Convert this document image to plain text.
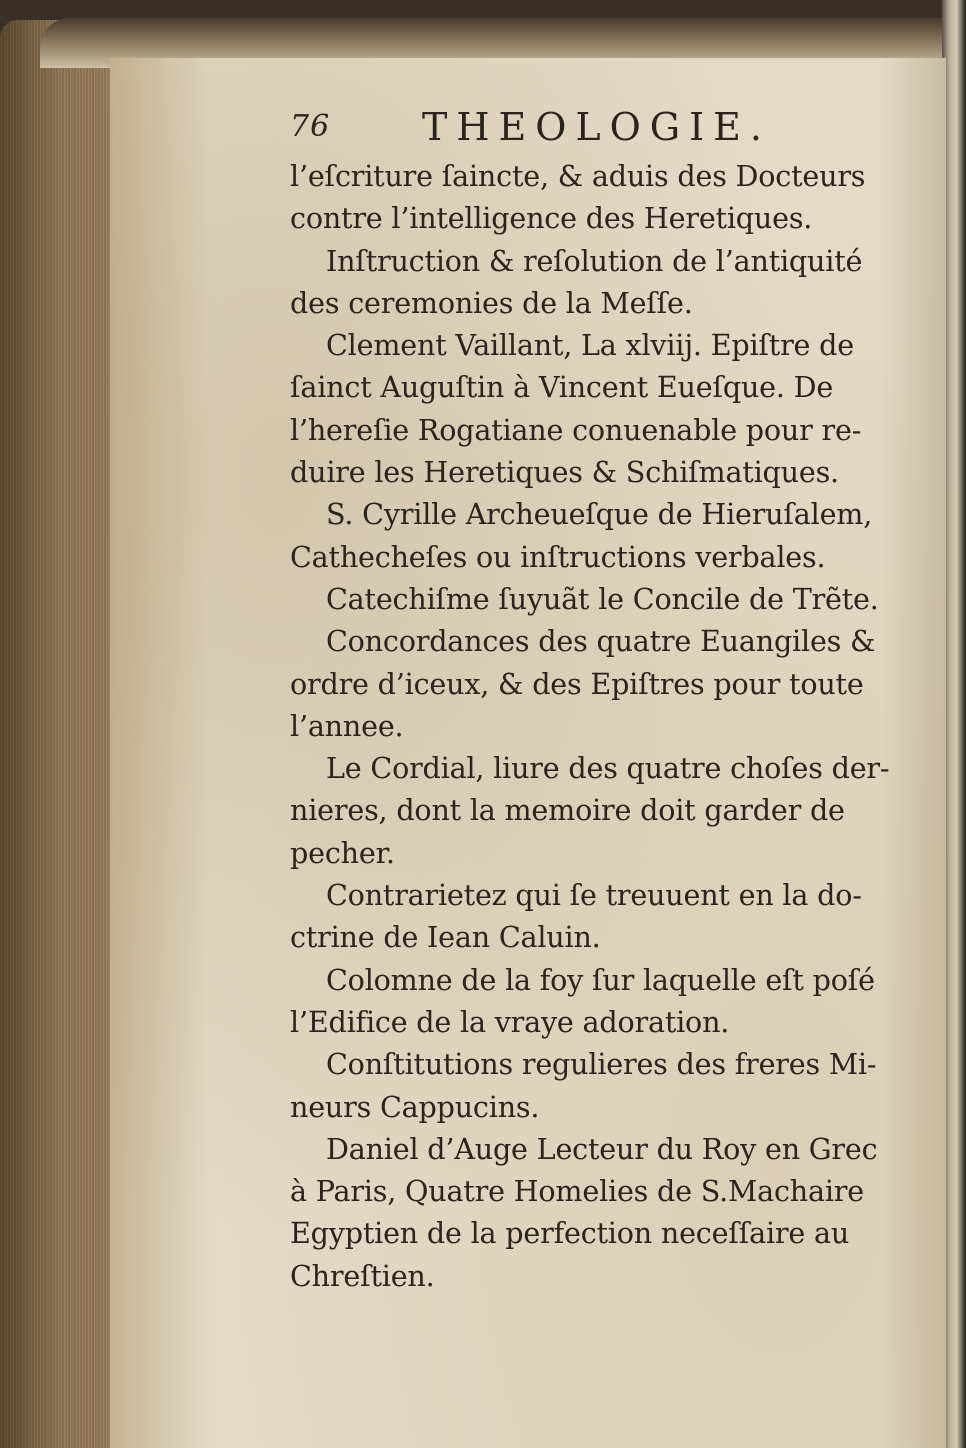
76 THEOLOGIE.
l’eſcriture ſaincte, & aduis des Docteurs
contre l’intelligence des Heretiques.
Inſtruction & reſolution de l’antiquité
des ceremonies de la Meſſe.
Clement Vaillant, La xlviij. Epiſtre de
ſainct Auguſtin à Vincent Eueſque. De
l’hereſie Rogatiane conuenable pour re-
duire les Heretiques & Schiſmatiques.
S. Cyrille Archeueſque de Hieruſalem,
Cathecheſes ou inſtructions verbales.
Catechiſme ſuyuãt le Concile de Trẽte.
Concordances des quatre Euangiles &
ordre d’iceux, & des Epiſtres pour toute
l’annee.
Le Cordial, liure des quatre choſes der-
nieres, dont la memoire doit garder de
pecher.
Contrarietez qui ſe treuuent en la do-
ctrine de Iean Caluin.
Colomne de la foy ſur laquelle eſt poſé
l’Edifice de la vraye adoration.
Conſtitutions regulieres des freres Mi-
neurs Cappucins.
Daniel d’Auge Lecteur du Roy en Grec
à Paris, Quatre Homelies de S.Machaire
Egyptien de la perfection neceſſaire au
Chreſtien.
